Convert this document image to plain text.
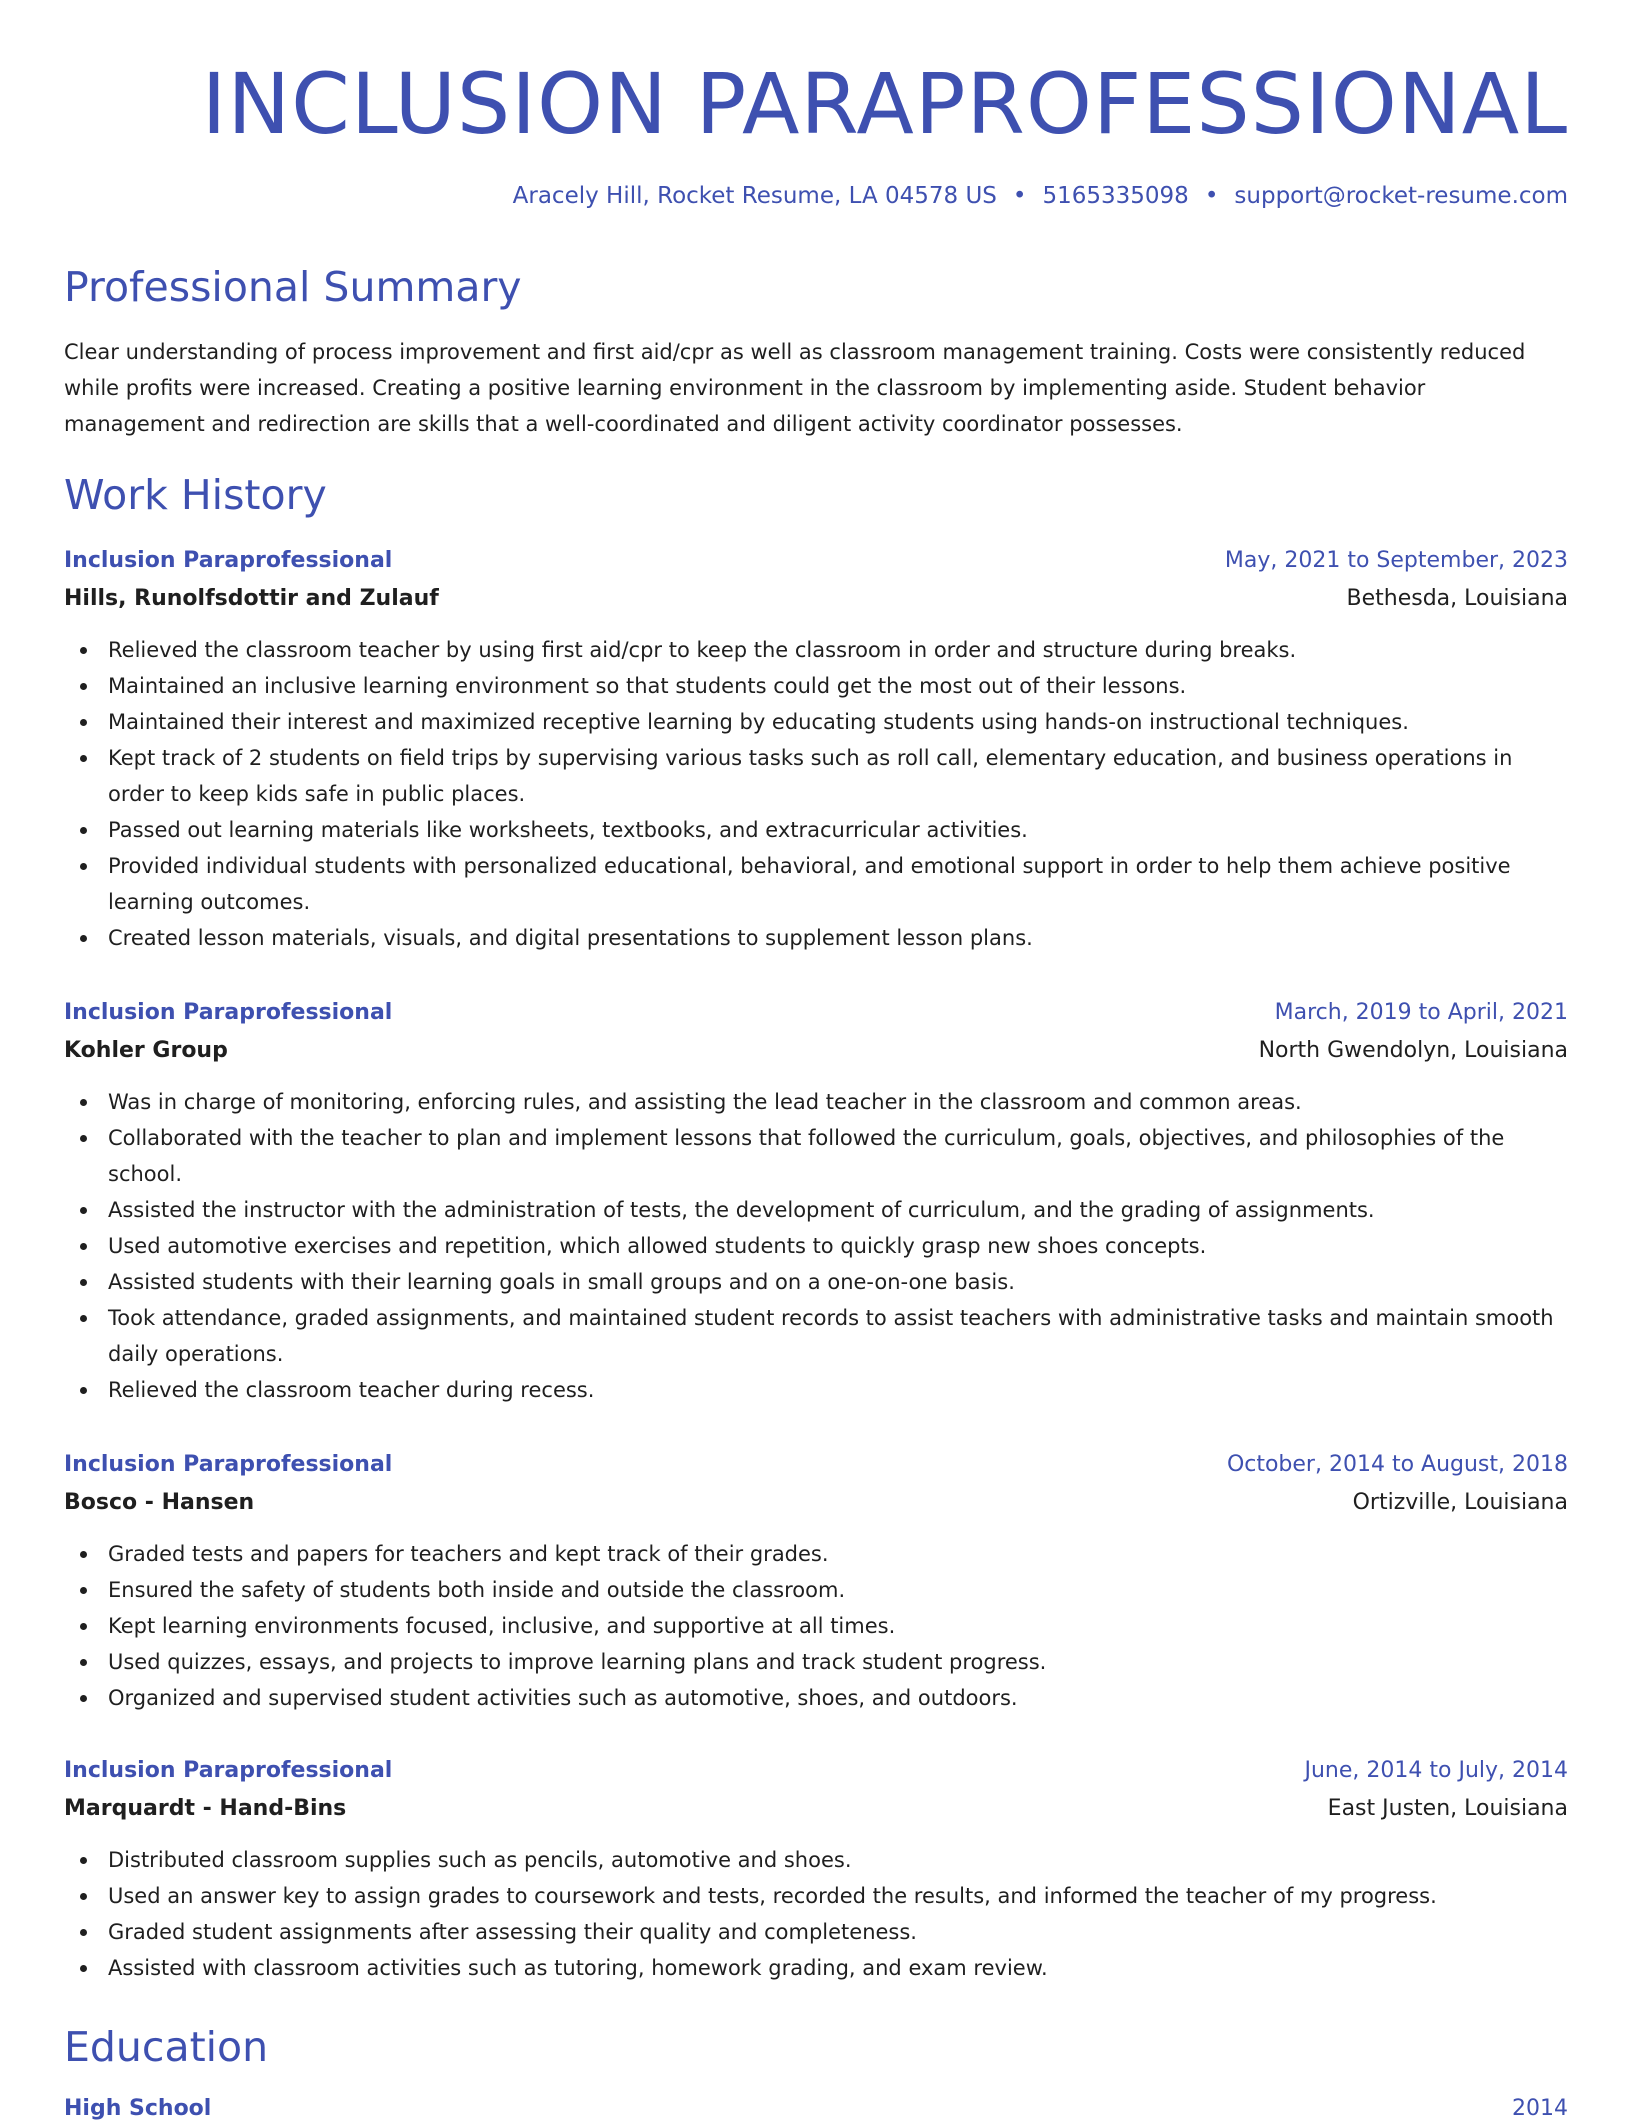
INCLUSION PARAPROFESSIONAL
Aracely Hill, Rocket Resume, LA 04578 US • 5165335098 • support@rocket-resume.com
Professional Summary

Clear understanding of process improvement and first aid/cpr as well as classroom management training. Costs were consistently reduced while profits were increased. Creating a positive learning environment in the classroom by implementing aside. Student behavior management and redirection are skills that a well-coordinated and diligent activity coordinator possesses.

Work History
Inclusion Paraprofessional	May, 2021 to September, 2023
Hills, Runolfsdottir and Zulauf	Bethesda, Louisiana
Relieved the classroom teacher by using first aid/cpr to keep the classroom in order and structure during breaks.
Maintained an inclusive learning environment so that students could get the most out of their lessons.
Maintained their interest and maximized receptive learning by educating students using hands-on instructional techniques.
Kept track of 2 students on field trips by supervising various tasks such as roll call, elementary education, and business operations in order to keep kids safe in public places.
Passed out learning materials like worksheets, textbooks, and extracurricular activities.
Provided individual students with personalized educational, behavioral, and emotional support in order to help them achieve positive learning outcomes.
Created lesson materials, visuals, and digital presentations to supplement lesson plans.
Inclusion Paraprofessional	March, 2019 to April, 2021
Kohler Group	North Gwendolyn, Louisiana
Was in charge of monitoring, enforcing rules, and assisting the lead teacher in the classroom and common areas.
Collaborated with the teacher to plan and implement lessons that followed the curriculum, goals, objectives, and philosophies of the school.
Assisted the instructor with the administration of tests, the development of curriculum, and the grading of assignments.
Used automotive exercises and repetition, which allowed students to quickly grasp new shoes concepts.
Assisted students with their learning goals in small groups and on a one-on-one basis.
Took attendance, graded assignments, and maintained student records to assist teachers with administrative tasks and maintain smooth daily operations.
Relieved the classroom teacher during recess.
Inclusion Paraprofessional	October, 2014 to August, 2018
Bosco - Hansen	Ortizville, Louisiana
Graded tests and papers for teachers and kept track of their grades.
Ensured the safety of students both inside and outside the classroom.
Kept learning environments focused, inclusive, and supportive at all times.
Used quizzes, essays, and projects to improve learning plans and track student progress.
Organized and supervised student activities such as automotive, shoes, and outdoors.
Inclusion Paraprofessional	June, 2014 to July, 2014
Marquardt - Hand-Bins	East Justen, Louisiana
Distributed classroom supplies such as pencils, automotive and shoes.
Used an answer key to assign grades to coursework and tests, recorded the results, and informed the teacher of my progress.
Graded student assignments after assessing their quality and completeness.
Assisted with classroom activities such as tutoring, homework grading, and exam review.
Education
High School	2014
